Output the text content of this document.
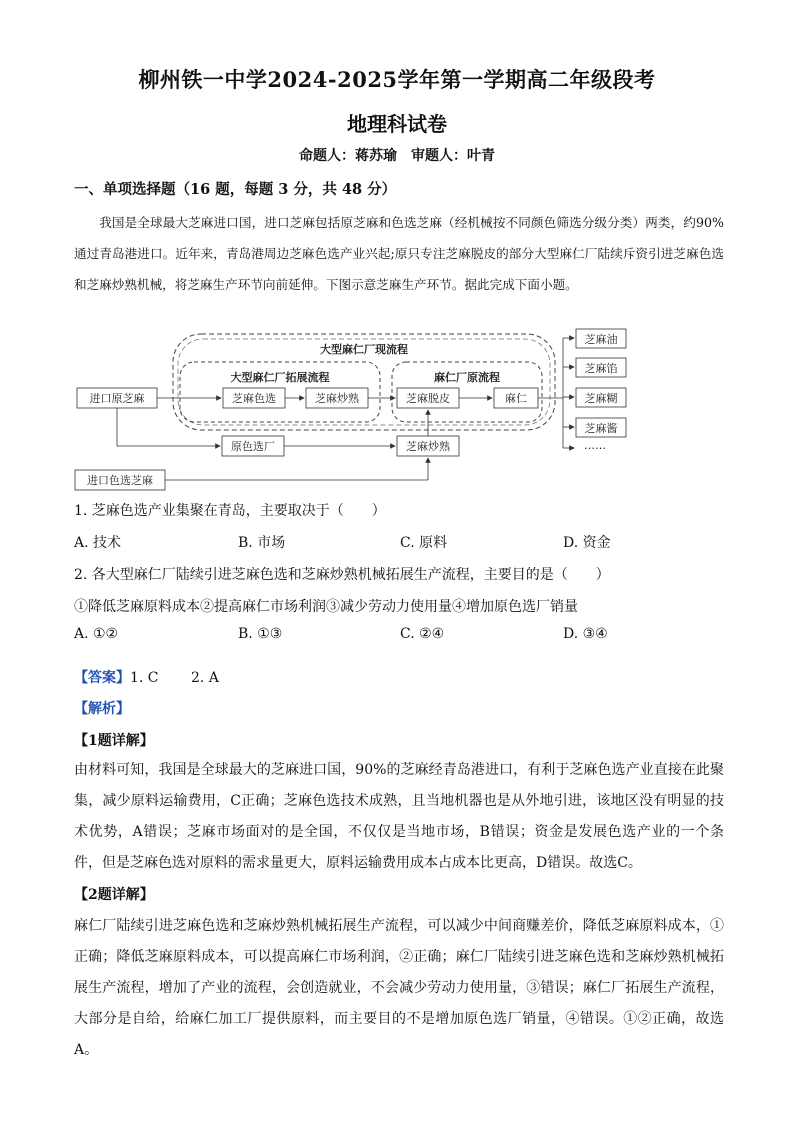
柳州铁一中学2024-2025学年第一学期高二年级段考
地理科试卷
命题人：蒋苏瑜　审题人：叶青
一、单项选择题（16 题，每题 3 分，共 48 分）
我国是全球最大芝麻进口国，进口芝麻包括原芝麻和色选芝麻（经机械按不同颜色筛选分级分类）两类，约90%通过青岛港进口。近年来，青岛港周边芝麻色选产业兴起;原只专注芝麻脱皮的部分大型麻仁厂陆续斥资引进芝麻色选和芝麻炒熟机械，将芝麻生产环节向前延伸。下图示意芝麻生产环节。据此完成下面小题。
大型麻仁厂现流程
大型麻仁厂拓展流程	麻仁厂原流程
进口原芝麻	芝麻色选	芝麻炒熟	芝麻脱皮	麻仁
原色选厂	芝麻炒熟
进口色选芝麻
芝麻油
芝麻馅
芝麻糊
芝麻酱
……
1. 芝麻色选产业集聚在青岛，主要取决于（　　）
A. 技术	B. 市场	C. 原料	D. 资金
2. 各大型麻仁厂陆续引进芝麻色选和芝麻炒熟机械拓展生产流程，主要目的是（　　）
①降低芝麻原料成本②提高麻仁市场利润③减少劳动力使用量④增加原色选厂销量
A. ①②	B. ①③	C. ②④	D. ③④
【答案】1. C　　 2. A
【解析】
【1题详解】
由材料可知，我国是全球最大的芝麻进口国，90%的芝麻经青岛港进口，有利于芝麻色选产业直接在此聚集，减少原料运输费用，C正确；芝麻色选技术成熟，且当地机器也是从外地引进，该地区没有明显的技术优势，A错误；芝麻市场面对的是全国，不仅仅是当地市场，B错误；资金是发展色选产业的一个条件，但是芝麻色选对原料的需求量更大，原料运输费用成本占成本比更高，D错误。故选C。
【2题详解】
麻仁厂陆续引进芝麻色选和芝麻炒熟机械拓展生产流程，可以减少中间商赚差价，降低芝麻原料成本，①正确；降低芝麻原料成本，可以提高麻仁市场利润，②正确；麻仁厂陆续引进芝麻色选和芝麻炒熟机械拓展生产流程，增加了产业的流程，会创造就业，不会减少劳动力使用量，③错误；麻仁厂拓展生产流程，大部分是自给，给麻仁加工厂提供原料，而主要目的不是增加原色选厂销量，④错误。①②正确，故选A。
